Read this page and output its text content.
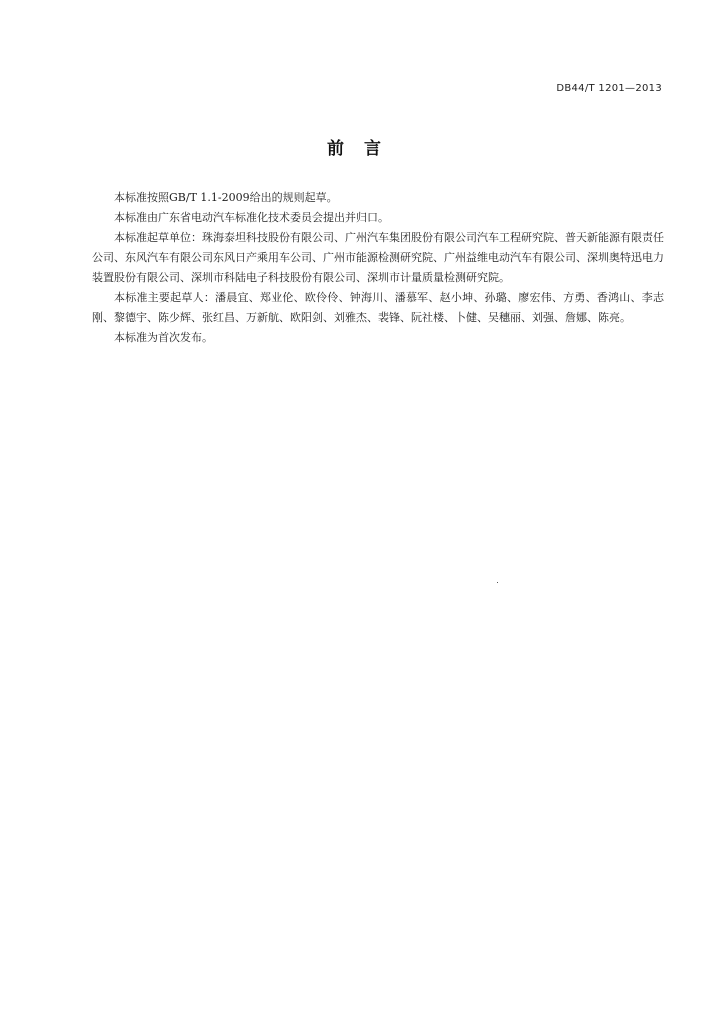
DB44/T 1201—2013
前言

本标准按照GB/T 1.1-2009给出的规则起草。

本标准由广东省电动汽车标准化技术委员会提出并归口。

本标准起草单位：珠海泰坦科技股份有限公司、广州汽车集团股份有限公司汽车工程研究院、普天新能源有限责任公司、东风汽车有限公司东风日产乘用车公司、广州市能源检测研究院、广州益维电动汽车有限公司、深圳奥特迅电力装置股份有限公司、深圳市科陆电子科技股份有限公司、深圳市计量质量检测研究院。

本标准主要起草人：潘晨宜、郑业伦、欧伶伶、钟海川、潘慕军、赵小坤、孙璐、廖宏伟、方勇、香鸿山、李志刚、黎德宇、陈少辉、张红昌、万新航、欧阳剑、刘雅杰、裴锋、阮社楼、卜健、吴穗丽、刘强、詹娜、陈亮。

本标准为首次发布。
